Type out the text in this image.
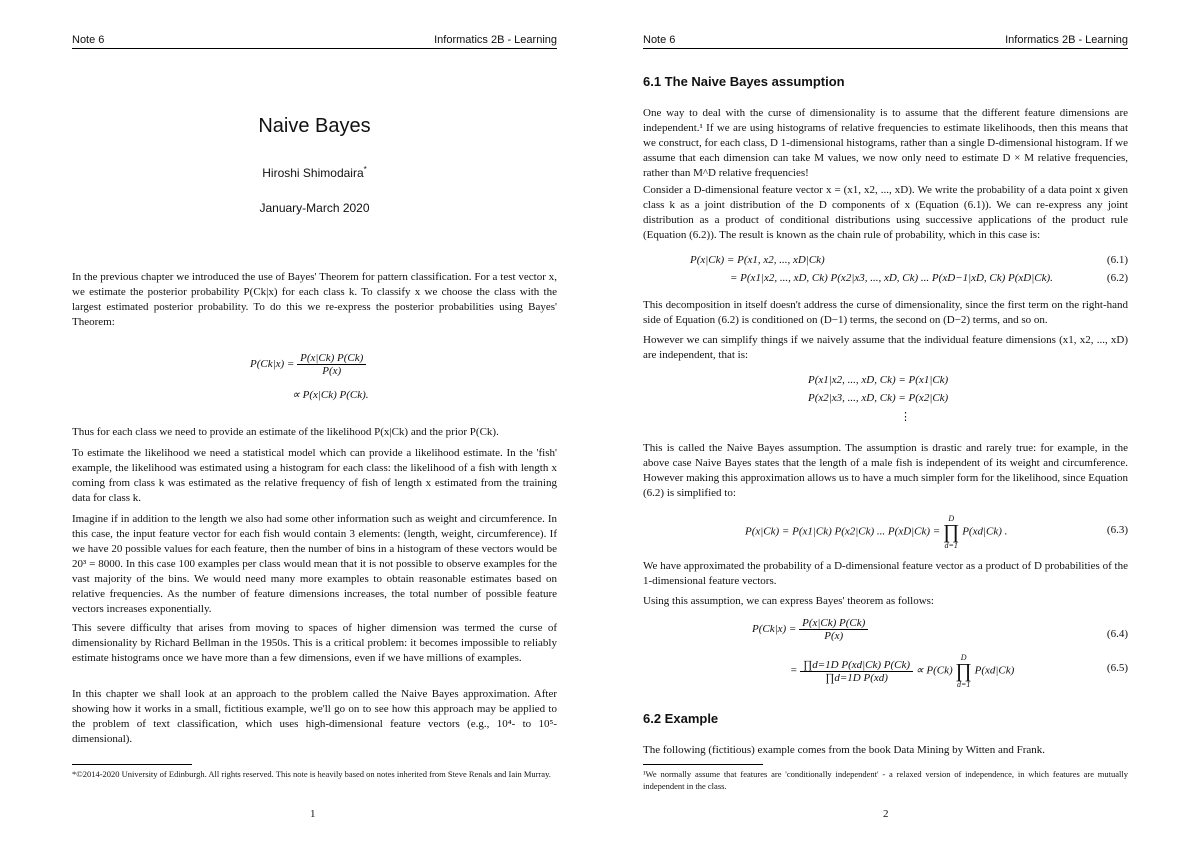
Note 6	Informatics 2B - Learning
Naive Bayes
Hiroshi Shimodaira*
January-March 2020

In the previous chapter we introduced the use of Bayes' Theorem for pattern classification. For a test vector x, we estimate the posterior probability P(Ck|x) for each class k. To classify x we choose the class with the largest estimated posterior probability. To do this we re-express the posterior probabilities using Bayes' Theorem:

$P(Ck|x) = \frac{P(x|Ck) P(Ck)}{P(x)}$
∝ P(x|Ck) P(Ck).

Thus for each class we need to provide an estimate of the likelihood P(x|Ck) and the prior P(Ck).

To estimate the likelihood we need a statistical model which can provide a likelihood estimate. In the 'fish' example, the likelihood was estimated using a histogram for each class: the likelihood of a fish with length x coming from class k was estimated as the relative frequency of fish of length x estimated from the training data for class k.

Imagine if in addition to the length we also had some other information such as weight and circumference. In this case, the input feature vector for each fish would contain 3 elements: (length, weight, circumference). If we have 20 possible values for each feature, then the number of bins in a histogram of these vectors would be 20³ = 8000. In this case 100 examples per class would mean that it is not possible to observe examples for the vast majority of the bins. We would need many more examples to obtain reasonable estimates based on relative frequencies. As the number of feature dimensions increases, the total number of possible feature vectors increases exponentially.

This severe difficulty that arises from moving to spaces of higher dimension was termed the curse of dimensionality by Richard Bellman in the 1950s. This is a critical problem: it becomes impossible to reliably estimate histograms once we have more than a few dimensions, even if we have millions of examples.

In this chapter we shall look at an approach to the problem called the Naive Bayes approximation. After showing how it works in a small, fictitious example, we'll go on to see how this approach may be applied to the problem of text classification, which uses high-dimensional feature vectors (e.g., 10⁴- to 10⁵-dimensional).

*©2014-2020 University of Edinburgh. All rights reserved. This note is heavily based on notes inherited from Steve Renals and Iain Murray.
1
Note 6	Informatics 2B - Learning
6.1 The Naive Bayes assumption

One way to deal with the curse of dimensionality is to assume that the different feature dimensions are independent.¹ If we are using histograms of relative frequencies to estimate likelihoods, then this means that we construct, for each class, D 1-dimensional histograms, rather than a single D-dimensional histogram. If we assume that each dimension can take M values, we now only need to estimate D × M relative frequencies, rather than M^D relative frequencies!

Consider a D-dimensional feature vector x = (x1, x2, ..., xD). We write the probability of a data point x given class k as a joint distribution of the D components of x (Equation (6.1)). We can re-express any joint distribution as a product of conditional distributions using successive applications of the product rule (Equation (6.2)). The result is known as the chain rule of probability, which in this case is:

P(x|Ck) = P(x1, x2, ..., xD|Ck)	(6.1)
= P(x1|x2, ..., xD, Ck) P(x2|x3, ..., xD, Ck) ... P(xD−1|xD, Ck) P(xD|Ck).	(6.2)

This decomposition in itself doesn't address the curse of dimensionality, since the first term on the right-hand side of Equation (6.2) is conditioned on (D−1) terms, the second on (D−2) terms, and so on.

However we can simplify things if we naively assume that the individual feature dimensions (x1, x2, ..., xD) are independent, that is:

P(x1|x2, ..., xD, Ck) = P(x1|Ck)
P(x2|x3, ..., xD, Ck) = P(x2|Ck)
⋮

This is called the Naive Bayes assumption. The assumption is drastic and rarely true: for example, in the above case Naive Bayes states that the length of a male fish is independent of its weight and circumference. However making this approximation allows us to have a much simpler form for the likelihood, since Equation (6.2) is simplified to:

P(x|Ck) = P(x1|Ck) P(x2|Ck) ... P(xD|Ck) =
D
∏
d=1
P(xd|Ck) .	(6.3)

We have approximated the probability of a D-dimensional feature vector as a product of D probabilities of the 1-dimensional feature vectors.

Using this assumption, we can express Bayes' theorem as follows:

$P(Ck|x) = \frac{P(x|Ck) P(Ck)}{P(x)}$	(6.4)
= $\frac{\text{∏d=1D P(xd|Ck) P(Ck)}}{\text{∏d=1D P(xd)}} \propto P(Ck)$
D
∏
d=1
P(xd|Ck)	(6.5)
6.2 Example

The following (fictitious) example comes from the book Data Mining by Witten and Frank.

¹We normally assume that features are 'conditionally independent' - a relaxed version of independence, in which features are mutually independent in the class.
2
